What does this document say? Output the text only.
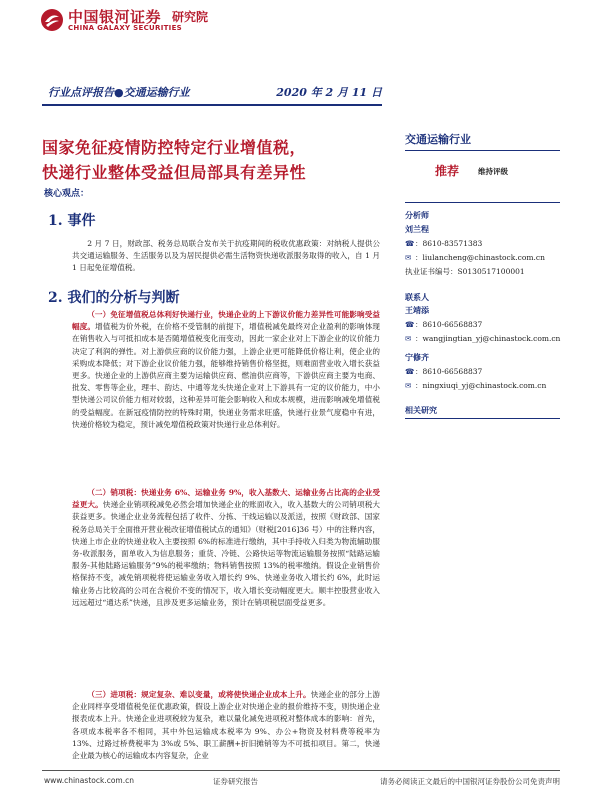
中国银河证券
CHINA GALAXY SECURITIES
研究院
行业点评报告●交通运输行业	2020 年 2 月 11 日
国家免征疫情防控特定行业增值税，
快递行业整体受益但局部具有差异性
核心观点：
1. 事件
2 月 7 日，财政部、税务总局联合发布关于抗疫期间的税收优惠政策：对纳税人提供公共交通运输服务、生活服务以及为居民提供必需生活物资快递收派服务取得的收入，自 1 月 1 日起免征增值税。
2. 我们的分析与判断
（一）免征增值税总体利好快递行业，快递企业的上下游议价能力差异性可能影响受益幅度。增值税为价外税，在价格不受管制的前提下，增值税减免最终对企业盈利的影响体现在销售收入与可抵扣成本是否随增值税变化而变动，因此一家企业对上下游企业的议价能力决定了利润的弹性。对上游供应商的议价能力强，上游企业更可能降低价格让利，使企业的采购成本降低；对下游企业议价能力强，能够维持销售价格坚挺，则难面营业收入增长获益更多。快递企业的上游供应商主要为运输供应商、燃油供应商等，下游供应商主要为电商、批发、零售等企业，理丰、韵达、中通等龙头快递企业对上下游具有一定的议价能力，中小型快递公司议价能力相对较弱，这种差异可能会影响收入和成本规模，进而影响减免增值税的受益幅度。在新冠疫情防控的特殊时期，快递业务需求旺盛，快递行业景气度稳中有进，快递价格较为稳定，预计减免增值税政策对快递行业总体利好。
（二）销项税：快递业务 6%、运输业务 9%，收入基数大、运输业务占比高的企业受益更大。快递企业销项税减免必然会增加快递企业的账面收入，收入基数大的公司销项税大获益更多。快递企业业务流程包括了收件、分拣、干线运输以及派送，按照《财政部、国家税务总局关于全面推开营业税改征增值税试点的通知》（财税[2016]36 号）中的注释内容，快递上市企业的快递业收入主要按照 6%的标准进行缴纳，其中手持收入归类为物流辅助服务-收派服务，面单收入为信息服务；重货、冷链、公路快运等物流运输服务按照“陆路运输服务-其他陆路运输服务”9%的税率缴纳；物料销售按照 13%的税率缴纳。假设企业销售价格保持不变，减免销项税将使运输业务收入增长约 9%、快递业务收入增长约 6%，此时运输业务占比较高的公司在含税价不变的情况下，收入增长变动幅度更大。顺丰控股营业收入远远超过“通达系”快递，且涉及更多运输业务，预计在销项税层面受益更多。
（三）进项税：规定复杂、难以变量，或将使快递企业成本上升。快递企业的部分上游企业同样享受增值税免征优惠政策，假设上游企业对快递企业的报价维持不变，则快递企业报表成本上升。快递企业进项税较为复杂，难以量化减免进项税对整体成本的影响：首先，各项成本税率各不相同，其中外包运输成本税率为 9%、办公+物资及材料费等税率为 13%、过路过桥费税率为 3%或 5%、职工薪酬+折旧摊销等为不可抵扣项目。第二，快递企业最为核心的运输成本内容复杂，企业
交通运输行业
推荐	维持评级
分析师
刘兰程
☎：8610-83571383
✉ ：liulancheng@chinastock.com.cn
执业证书编号：S0130517100001
联系人
王靖添
☎：8610-66568837
✉ ：wangjingtian_yj@chinastock.com.cn
宁修齐
☎：8610-66568837
✉ ：ningxiuqi_yj@chinastock.com.cn
相关研究
www.chinastock.com.cn	证券研究报告	请务必阅读正文最后的中国银河证券股份公司免责声明
